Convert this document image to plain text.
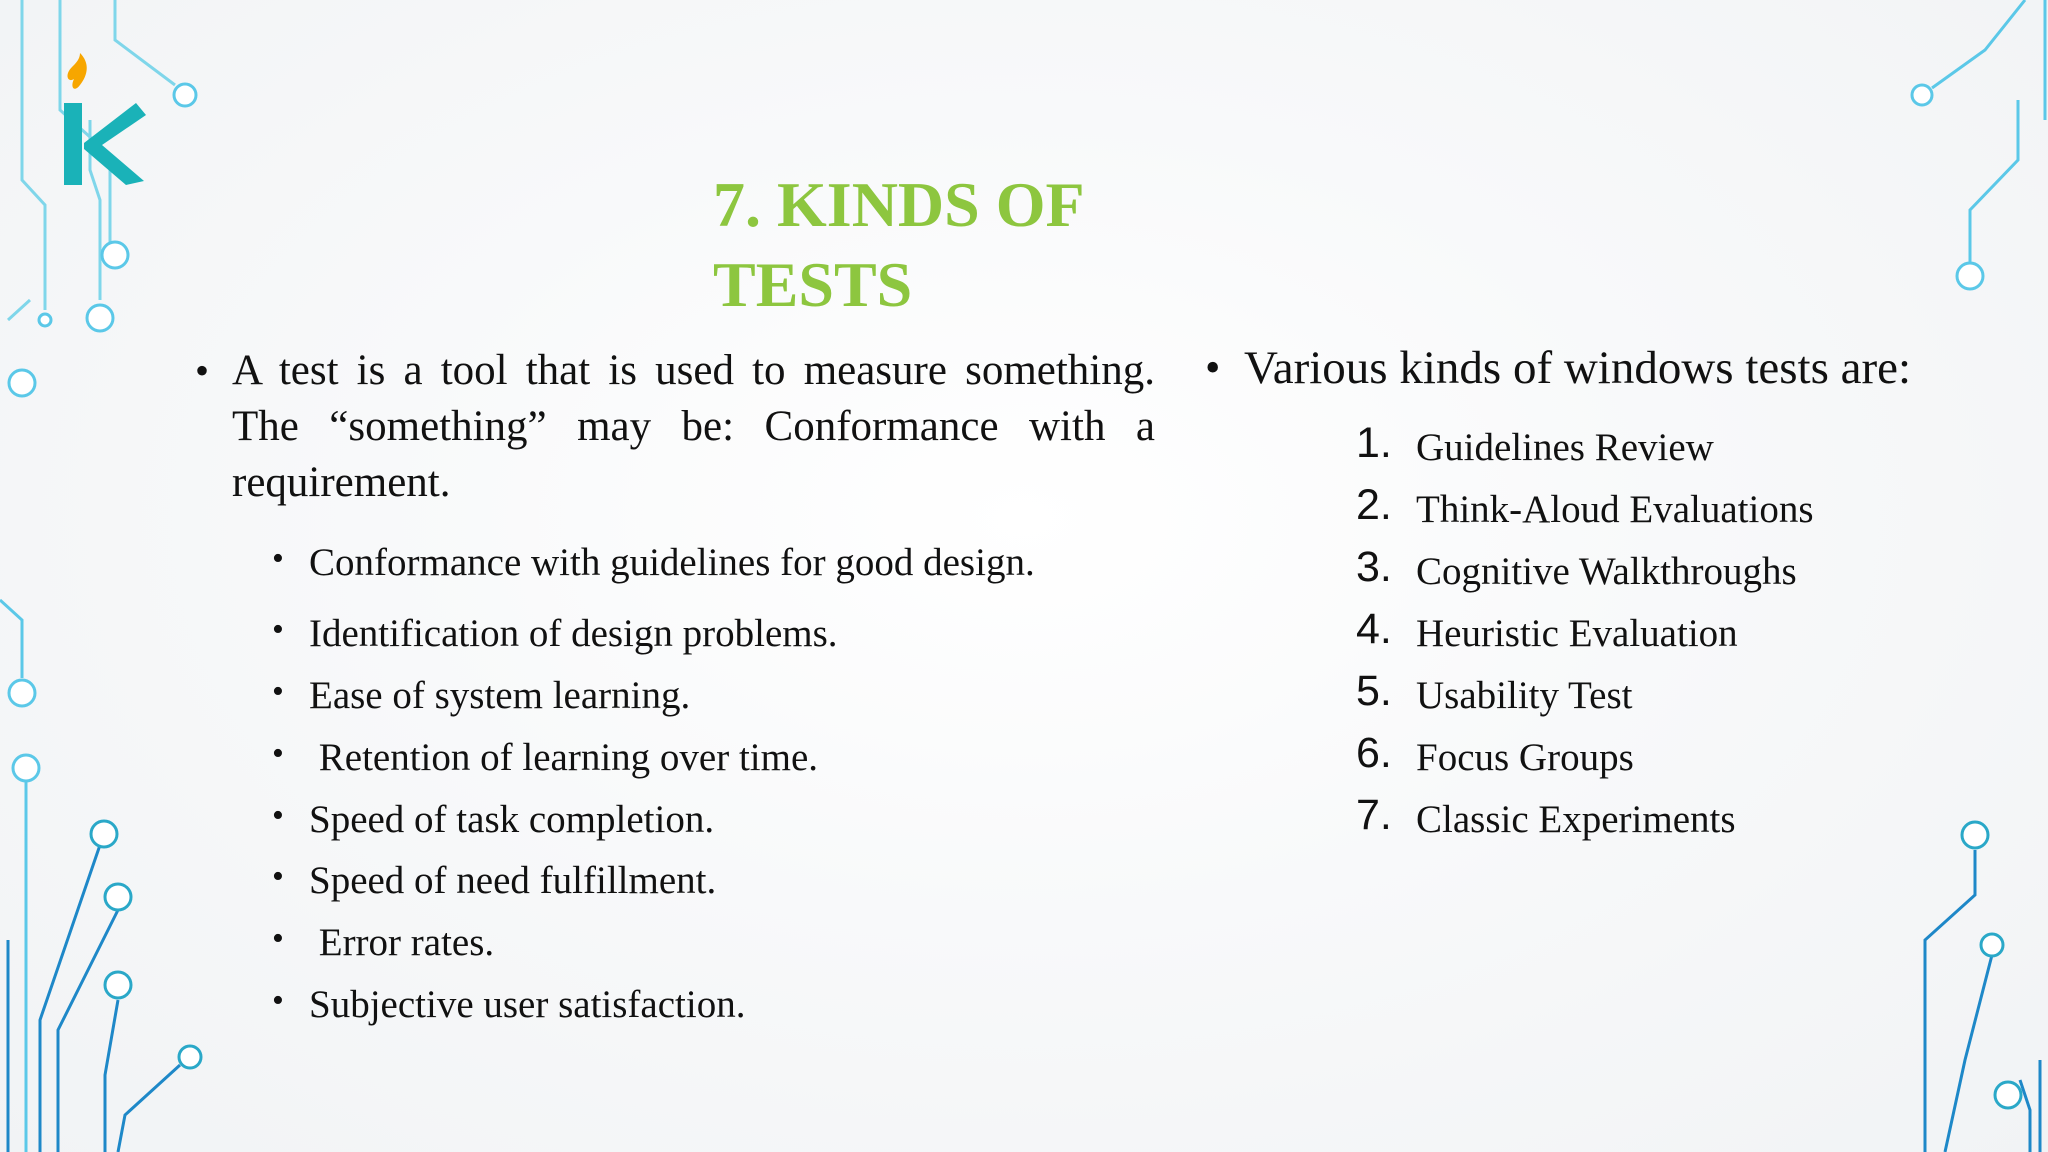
7. KINDS OF TESTS
• A test is a tool that is used to measure something. The “something” may be: Conformance with a requirement.
• Conformance with guidelines for good design.
• Identification of design problems.
• Ease of system learning.
• Retention of learning over time.
• Speed of task completion.
• Speed of need fulfillment.
• Error rates.
• Subjective user satisfaction.
• Various kinds of windows tests are:
1. Guidelines Review
2. Think-Aloud Evaluations
3. Cognitive Walkthroughs
4. Heuristic Evaluation
5. Usability Test
6. Focus Groups
7. Classic Experiments
